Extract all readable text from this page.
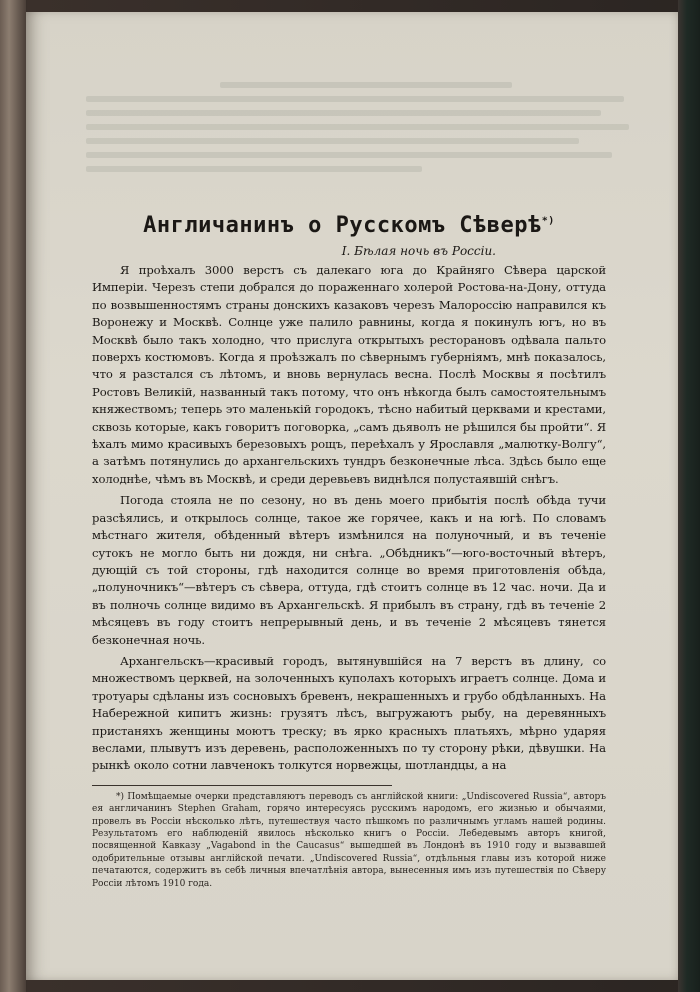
Англичанинъ о Русскомъ Сѣверѣ*)
I. Бѣлая ночь въ Россіи.

Я проѣхалъ 3000 верстъ съ далекаго юга до Крайняго Сѣвера царской Имперіи. Черезъ степи добрался до пораженнаго холерой Ростова-на-Дону, оттуда по возвышенностямъ страны донскихъ казаковъ черезъ Малороссію направился къ Воронежу и Москвѣ. Солнце уже палило равнины, когда я покинулъ югъ, но въ Москвѣ было такъ холодно, что прислуга открытыхъ ресторановъ одѣвала пальто поверхъ костюмовъ. Когда я проѣзжалъ по сѣвернымъ губерніямъ, мнѣ показалось, что я разстался съ лѣтомъ, и вновь вернулась весна. Послѣ Москвы я посѣтилъ Ростовъ Великій, названный такъ потому, что онъ нѣкогда былъ самостоятельнымъ княжествомъ; теперь это маленькій городокъ, тѣсно набитый церквами и крестами, сквозь которые, какъ говоритъ поговорка, „самъ дьяволъ не рѣшился бы пройти“. Я ѣхалъ мимо красивыхъ березовыхъ рощъ, переѣхалъ у Ярославля „малютку-Волгу“, а затѣмъ потянулись до архангельскихъ тундръ безконечные лѣса. Здѣсь было еще холоднѣе, чѣмъ въ Москвѣ, и среди деревьевъ виднѣлся полустаявшій снѣгъ.

Погода стояла не по сезону, но въ день моего прибытія послѣ обѣда тучи разсѣялись, и открылось солнце, такое же горячее, какъ и на югѣ. По словамъ мѣстнаго жителя, обѣденный вѣтеръ измѣнился на полуночный, и въ теченіе сутокъ не могло быть ни дождя, ни снѣга. „Обѣдникъ“—юго-восточный вѣтеръ, дующій съ той стороны, гдѣ находится солнце во время приготовленія обѣда, „полуночникъ“—вѣтеръ съ сѣвера, оттуда, гдѣ стоитъ солнце въ 12 час. ночи. Да и въ полночь солнце видимо въ Архангельскѣ. Я прибылъ въ страну, гдѣ въ теченіе 2 мѣсяцевъ въ году стоитъ непрерывный день, и въ теченіе 2 мѣсяцевъ тянется безконечная ночь.

Архангельскъ—красивый городъ, вытянувшійся на 7 верстъ въ длину, со множествомъ церквей, на золоченныхъ куполахъ которыхъ играетъ солнце. Дома и тротуары сдѣланы изъ сосновыхъ бревенъ, некрашенныхъ и грубо обдѣланныхъ. На Набережной кипитъ жизнь: грузятъ лѣсъ, выгружаютъ рыбу, на деревянныхъ пристаняхъ женщины моютъ треску; въ ярко красныхъ платьяхъ, мѣрно ударяя веслами, плывутъ изъ деревень, расположенныхъ по ту сторону рѣки, дѣвушки. На рынкѣ около сотни лавченокъ толкутся норвежцы, шотландцы, а на

*) Помѣщаемые очерки представляютъ переводъ съ англійской книги: „Undiscovered Russia“, авторъ ея англичанинъ Stephen Graham, горячо интересуясь русскимъ народомъ, его жизнью и обычаями, провелъ въ Россіи нѣсколько лѣтъ, путешествуя часто пѣшкомъ по различнымъ угламъ нашей родины. Результатомъ его наблюденій явилось нѣсколько книгъ о Россіи. Лебедевымъ авторъ книгой, посвященной Кавказу „Vagabond in the Caucasus“ вышедшей въ Лондонѣ въ 1910 году и вызвавшей одобрительные отзывы англійской печати. „Undiscovered Russia“, отдѣльныя главы изъ которой ниже печатаются, содержитъ въ себѣ личныя впечатлѣнія автора, вынесенныя имъ изъ путешествія по Сѣверу Россіи лѣтомъ 1910 года.
